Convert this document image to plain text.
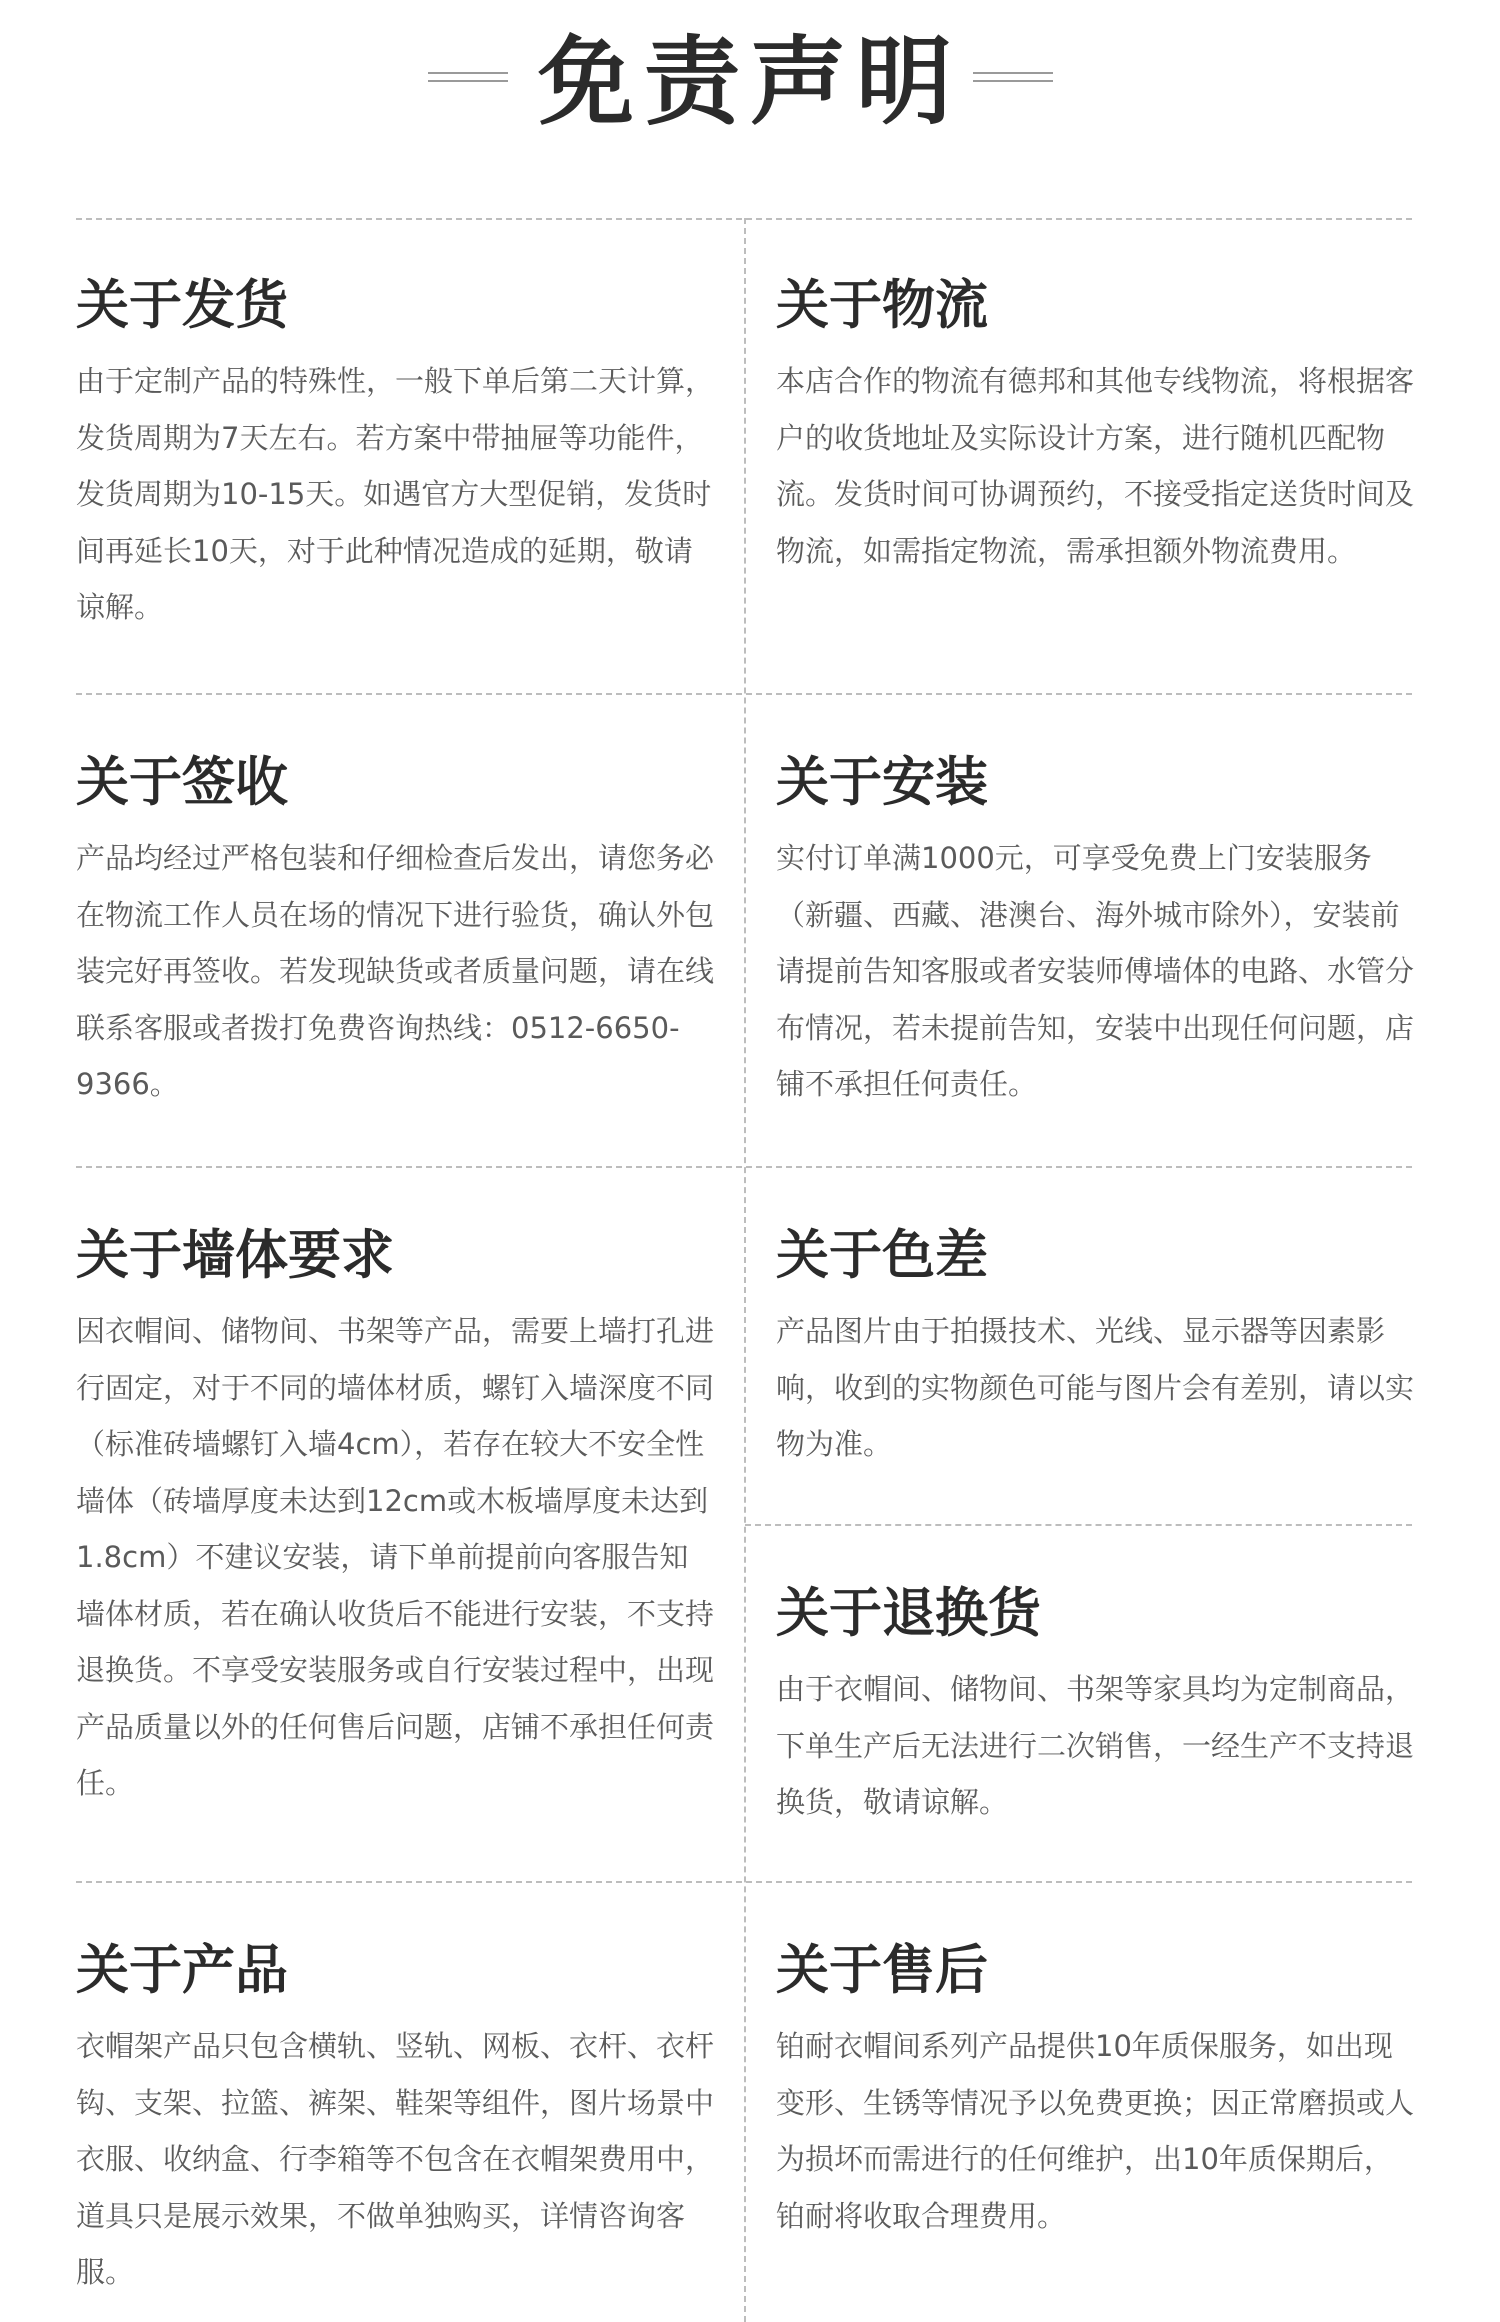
免责声明
关于发货

由于定制产品的特殊性，一般下单后第二天计算，发货周期为7天左右。若方案中带抽屉等功能件，发货周期为10-15天。如遇官方大型促销，发货时间再延长10天，对于此种情况造成的延期，敬请谅解。

关于物流

本店合作的物流有德邦和其他专线物流，将根据客户的收货地址及实际设计方案，进行随机匹配物流。发货时间可协调预约，不接受指定送货时间及物流，如需指定物流，需承担额外物流费用。

关于签收

产品均经过严格包装和仔细检查后发出，请您务必在物流工作人员在场的情况下进行验货，确认外包装完好再签收。若发现缺货或者质量问题，请在线联系客服或者拨打免费咨询热线：0512-6650-9366。

关于安装

实付订单满1000元，可享受免费上门安装服务（新疆、西藏、港澳台、海外城市除外），安装前请提前告知客服或者安装师傅墙体的电路、水管分布情况，若未提前告知，安装中出现任何问题，店铺不承担任何责任。

关于墙体要求

因衣帽间、储物间、书架等产品，需要上墙打孔进行固定，对于不同的墙体材质，螺钉入墙深度不同（标准砖墙螺钉入墙4cm），若存在较大不安全性墙体（砖墙厚度未达到12cm或木板墙厚度未达到1.8cm）不建议安装，请下单前提前向客服告知墙体材质，若在确认收货后不能进行安装，不支持退换货。不享受安装服务或自行安装过程中，出现产品质量以外的任何售后问题，店铺不承担任何责任。

关于色差

产品图片由于拍摄技术、光线、显示器等因素影响，收到的实物颜色可能与图片会有差别，请以实物为准。

关于退换货

由于衣帽间、储物间、书架等家具均为定制商品，下单生产后无法进行二次销售，一经生产不支持退换货，敬请谅解。

关于产品

衣帽架产品只包含横轨、竖轨、网板、衣杆、衣杆钩、支架、拉篮、裤架、鞋架等组件，图片场景中衣服、收纳盒、行李箱等不包含在衣帽架费用中，道具只是展示效果，不做单独购买，详情咨询客服。

关于售后

铂耐衣帽间系列产品提供10年质保服务，如出现变形、生锈等情况予以免费更换；因正常磨损或人为损坏而需进行的任何维护，出10年质保期后，铂耐将收取合理费用。
